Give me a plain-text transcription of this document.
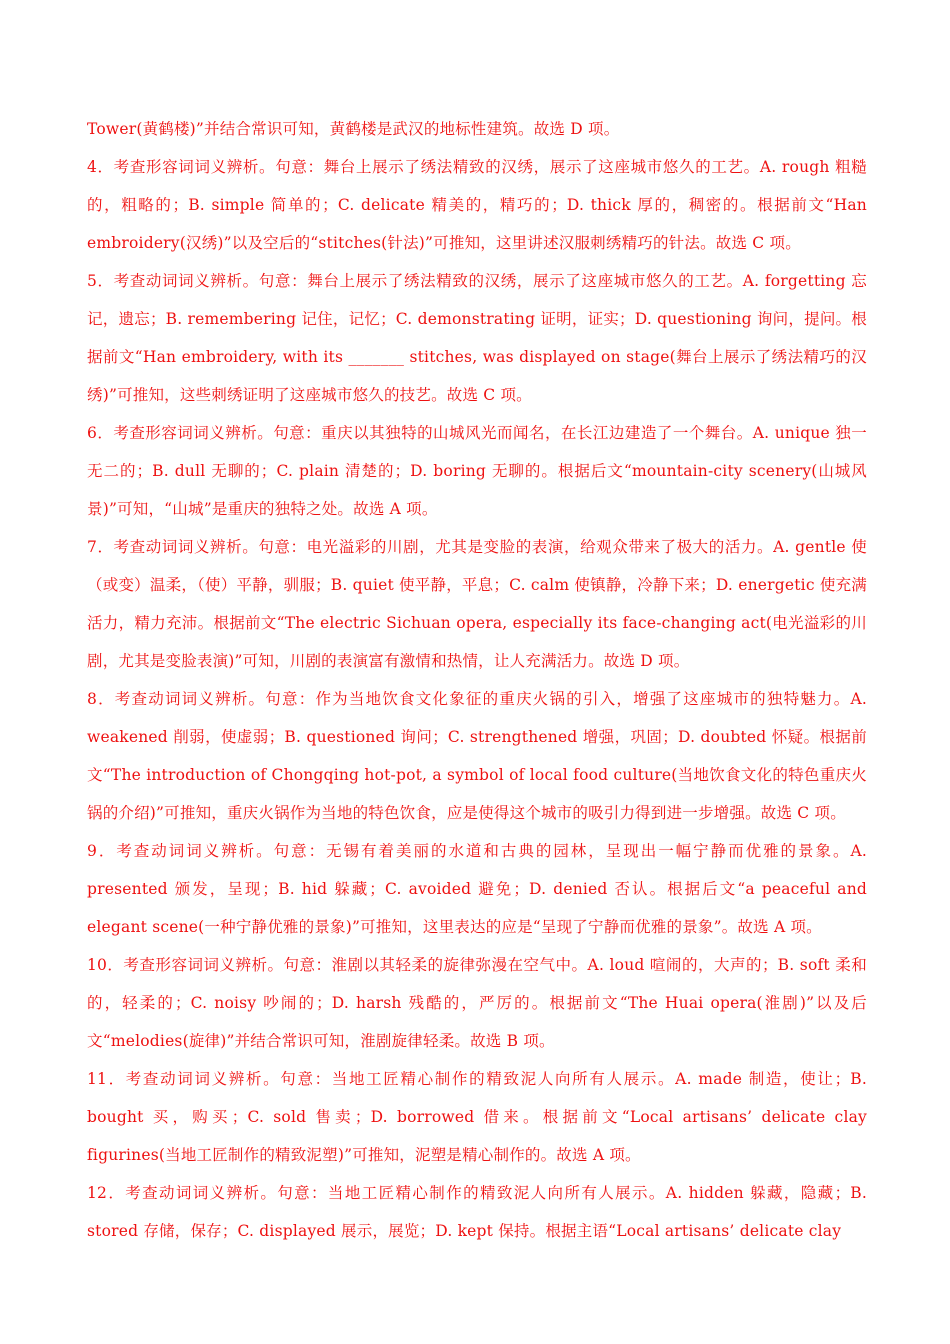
Tower(黄鹤楼)”并结合常识可知，黄鹤楼是武汉的地标性建筑。故选 D 项。

4．考查形容词词义辨析。句意：舞台上展示了绣法精致的汉绣，展示了这座城市悠久的工艺。A. rough 粗糙的，粗略的；B. simple 简单的；C. delicate 精美的，精巧的；D. thick 厚的，稠密的。根据前文“Han embroidery(汉绣)”以及空后的“stitches(针法)”可推知，这里讲述汉服刺绣精巧的针法。故选 C 项。

5．考查动词词义辨析。句意：舞台上展示了绣法精致的汉绣，展示了这座城市悠久的工艺。A. forgetting 忘记，遗忘；B. remembering 记住，记忆；C. demonstrating 证明，证实；D. questioning 询问，提问。根据前文“Han embroidery, with its _______ stitches, was displayed on stage(舞台上展示了绣法精巧的汉绣)”可推知，这些刺绣证明了这座城市悠久的技艺。故选 C 项。

6．考查形容词词义辨析。句意：重庆以其独特的山城风光而闻名，在长江边建造了一个舞台。A. unique 独一无二的；B. dull 无聊的；C. plain 清楚的；D. boring 无聊的。根据后文“mountain-city scenery(山城风景)”可知，“山城”是重庆的独特之处。故选 A 项。

7．考查动词词义辨析。句意：电光溢彩的川剧，尤其是变脸的表演，给观众带来了极大的活力。A. gentle 使（或变）温柔，（使）平静，驯服；B. quiet 使平静，平息；C. calm 使镇静，冷静下来；D. energetic 使充满活力，精力充沛。根据前文“The electric Sichuan opera, especially its face-changing act(电光溢彩的川剧，尤其是变脸表演)”可知，川剧的表演富有激情和热情，让人充满活力。故选 D 项。

8．考查动词词义辨析。句意：作为当地饮食文化象征的重庆火锅的引入，增强了这座城市的独特魅力。A. weakened 削弱，使虚弱；B. questioned 询问；C. strengthened 增强，巩固；D. doubted 怀疑。根据前文“The introduction of Chongqing hot-pot, a symbol of local food culture(当地饮食文化的特色重庆火锅的介绍)”可推知，重庆火锅作为当地的特色饮食，应是使得这个城市的吸引力得到进一步增强。故选 C 项。

9．考查动词词义辨析。句意：无锡有着美丽的水道和古典的园林，呈现出一幅宁静而优雅的景象。A. presented 颁发，呈现；B. hid 躲藏；C. avoided 避免；D. denied 否认。根据后文“a peaceful and elegant scene(一种宁静优雅的景象)”可推知，这里表达的应是“呈现了宁静而优雅的景象”。故选 A 项。

10．考查形容词词义辨析。句意：淮剧以其轻柔的旋律弥漫在空气中。A. loud 喧闹的，大声的；B. soft 柔和的，轻柔的；C. noisy 吵闹的；D. harsh 残酷的，严厉的。根据前文“The Huai opera(淮剧)”以及后文“melodies(旋律)”并结合常识可知，淮剧旋律轻柔。故选 B 项。

11．考查动词词义辨析。句意：当地工匠精心制作的精致泥人向所有人展示。A. made 制造，使让；B. bought 买，购买；C. sold 售卖；D. borrowed 借来。根据前文“Local artisans’ delicate clay figurines(当地工匠制作的精致泥塑)”可推知，泥塑是精心制作的。故选 A 项。

12．考查动词词义辨析。句意：当地工匠精心制作的精致泥人向所有人展示。A. hidden 躲藏，隐藏；B. stored 存储，保存；C. displayed 展示，展览；D. kept 保持。根据主语“Local artisans’ delicate clay
